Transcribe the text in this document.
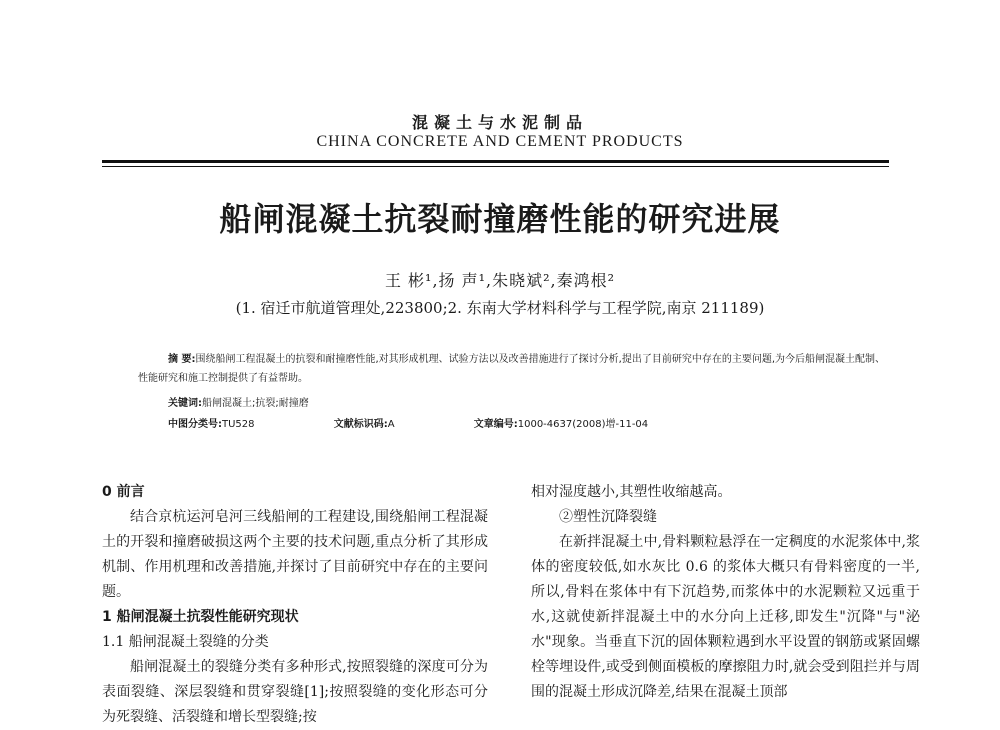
混凝土与水泥制品
CHINA CONCRETE AND CEMENT PRODUCTS
船闸混凝土抗裂耐撞磨性能的研究进展
王 彬¹,扬 声¹,朱晓斌²,秦鸿根²
(1. 宿迁市航道管理处,223800;2. 东南大学材料科学与工程学院,南京 211189)
摘 要:围绕船闸工程混凝土的抗裂和耐撞磨性能,对其形成机理、试验方法以及改善措施进行了探讨分析,提出了目前研究中存在的主要问题,为今后船闸混凝土配制、性能研究和施工控制提供了有益帮助。
关键词:船闸混凝土;抗裂;耐撞磨
中图分类号:TU528	文献标识码:A	文章编号:1000-4637(2008)增-11-04

0 前言

结合京杭运河皂河三线船闸的工程建设,围绕船闸工程混凝土的开裂和撞磨破损这两个主要的技术问题,重点分析了其形成机制、作用机理和改善措施,并探讨了目前研究中存在的主要问题。

1 船闸混凝土抗裂性能研究现状

1.1 船闸混凝土裂缝的分类

船闸混凝土的裂缝分类有多种形式,按照裂缝的深度可分为表面裂缝、深层裂缝和贯穿裂缝[1];按照裂缝的变化形态可分为死裂缝、活裂缝和增长型裂缝;按

相对湿度越小,其塑性收缩越高。

②塑性沉降裂缝

在新拌混凝土中,骨料颗粒悬浮在一定稠度的水泥浆体中,浆体的密度较低,如水灰比 0.6 的浆体大概只有骨料密度的一半,所以,骨料在浆体中有下沉趋势,而浆体中的水泥颗粒又远重于水,这就使新拌混凝土中的水分向上迁移,即发生"沉降"与"泌水"现象。当垂直下沉的固体颗粒遇到水平设置的钢筋或紧固螺栓等埋设件,或受到侧面模板的摩擦阻力时,就会受到阻拦并与周围的混凝土形成沉降差,结果在混凝土顶部
